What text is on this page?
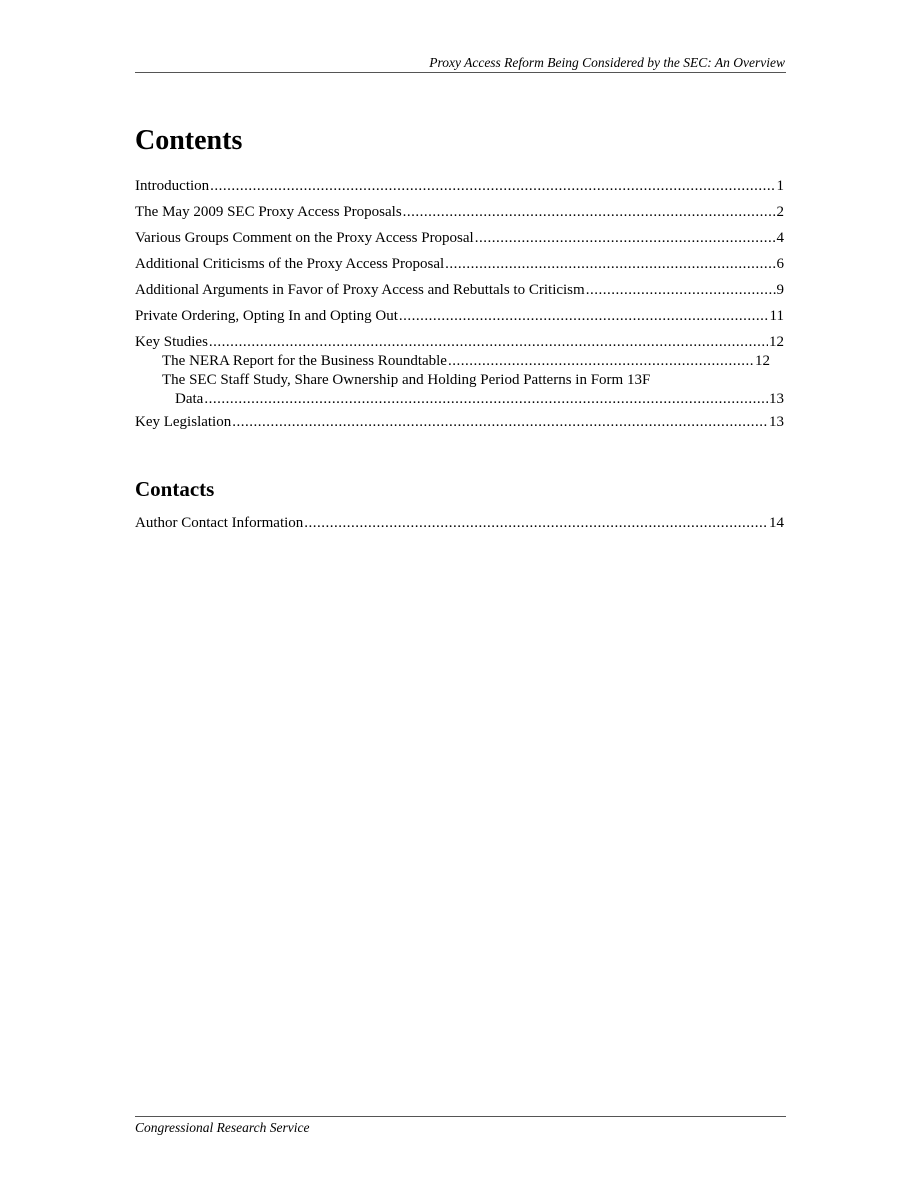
Proxy Access Reform Being Considered by the SEC: An Overview
Contents
Introduction .....	1
The May 2009 SEC Proxy Access Proposals .....	2
Various Groups Comment on the Proxy Access Proposal .....	4
Additional Criticisms of the Proxy Access Proposal .....	6
Additional Arguments in Favor of Proxy Access and Rebuttals to Criticism .....	9
Private Ordering, Opting In and Opting Out .....	11
Key Studies .....	12
The NERA Report for the Business Roundtable .....	12
The SEC Staff Study, Share Ownership and Holding Period Patterns in Form 13F
Data .....	13
Key Legislation .....	13
Contacts
Author Contact Information .....	14
Congressional Research Service
